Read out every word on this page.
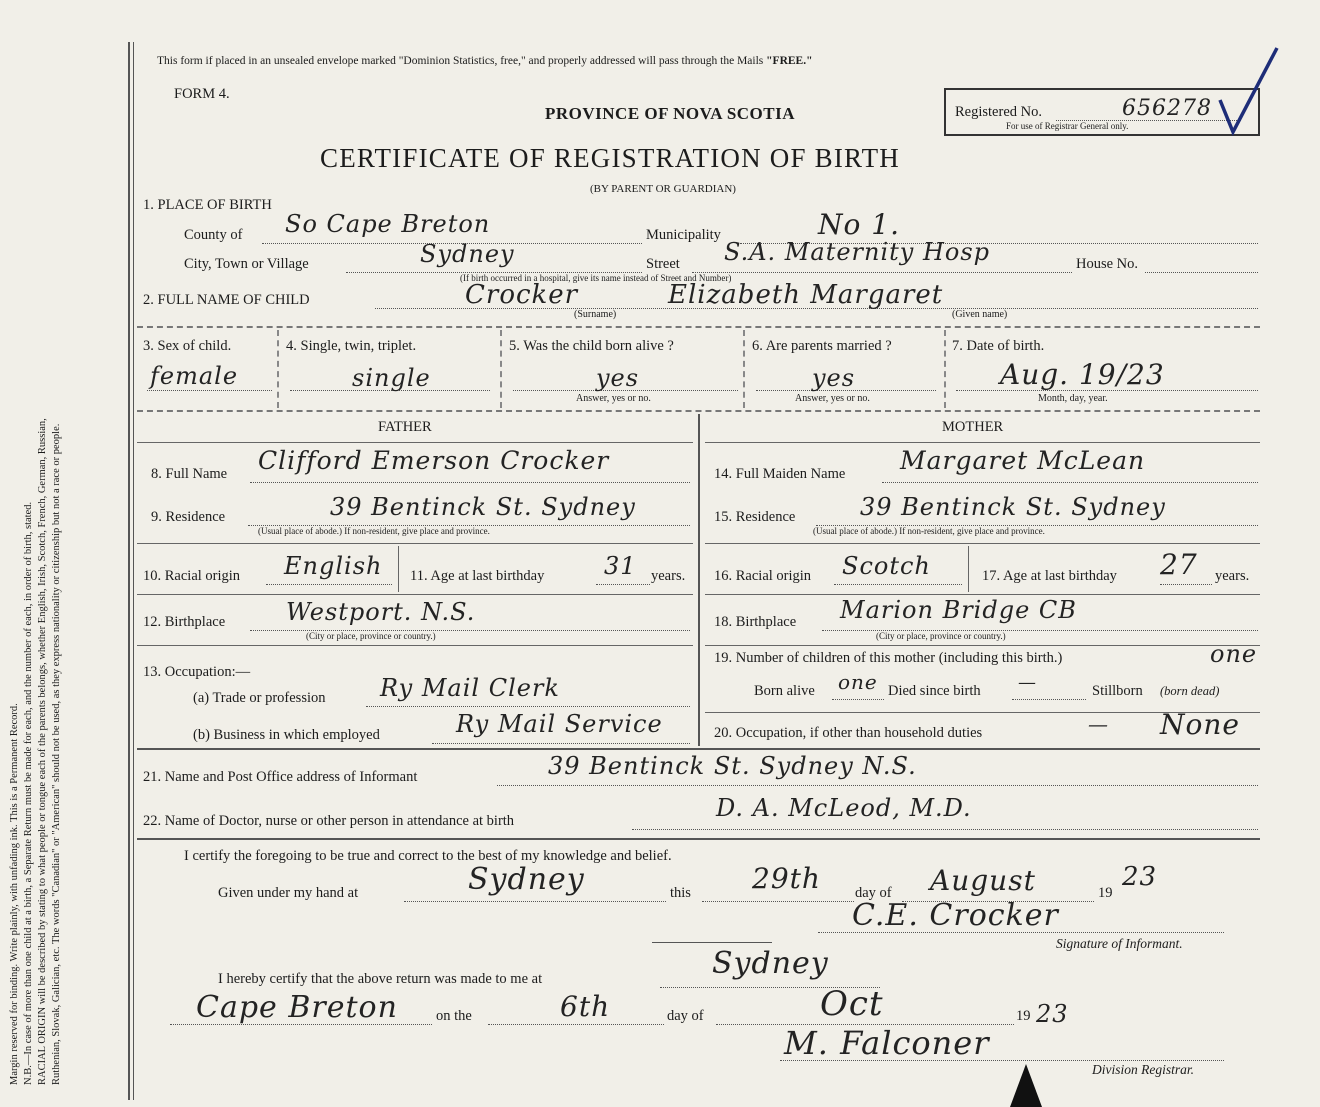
Margin reserved for binding. Write plainly, with unfading ink. This is a Permanent Record. N.B.—In case of more than one child at a birth, a Separate Return must be made for each, and the number of each, in order of birth, stated. RACIAL ORIGIN will be described by stating to what people or tongue each of the parents belongs, whether English, Irish, Scotch, French, German, Russian, Ruthenian, Slovak, Galician, etc. The words "Canadian" or "American" should not be used, as they express nationality or citizenship but not a race or people.
This form if placed in an unsealed envelope marked "Dominion Statistics, free," and properly addressed will pass through the Mails "FREE."
FORM 4.
PROVINCE OF NOVA SCOTIA
CERTIFICATE OF REGISTRATION OF BIRTH
(BY PARENT OR GUARDIAN)
Registered No.	656278
For use of Registrar General only.
1. PLACE OF BIRTH
County of So Cape Breton	Municipality	No 1.
City, Town or Village	Sydney	Street S.A. Maternity Hosp	House No.
(If birth occurred in a hospital, give its name instead of Street and Number)
2. FULL NAME OF CHILD	Crocker	Elizabeth Margaret
(Surname)	(Given name)
3. Sex of child.
female
4. Single, twin, triplet.
single
5. Was the child born alive ?
yes
Answer, yes or no.
6. Are parents married ?
yes
Answer, yes or no.
7. Date of birth.
Aug. 19/23
Month, day, year.
FATHER	MOTHER
8. Full Name Clifford Emerson Crocker
9. Residence	39 Bentinck St. Sydney
(Usual place of abode.) If non-resident, give place and province.
10. Racial origin English 11. Age at last birthday 31 years.
12. Birthplace	Westport. N.S.
(City or place, province or country.)
13. Occupation:—
(a) Trade or profession Ry Mail Clerk
(b) Business in which employed	Ry Mail Service
14. Full Maiden Name Margaret McLean
15. Residence	39 Bentinck St. Sydney
(Usual place of abode.) If non-resident, give place and province.
16. Racial origin Scotch	17. Age at last birthday 27 years.
18. Birthplace Marion Bridge CB
(City or place, province or country.)
19. Number of children of this mother (including this birth.)	one
Born alive one Died since birth —	Stillborn (born dead)
20. Occupation, if other than household duties	— None
21. Name and Post Office address of Informant	39 Bentinck St. Sydney N.S.
22. Name of Doctor, nurse or other person in attendance at birth	D. A. McLeod, M.D.
I certify the foregoing to be true and correct to the best of my knowledge and belief.
Given under my hand at	Sydney	this 29th day of August	19
23
C.E. Crocker
Signature of Informant.
I hereby certify that the above return was made to me at	Sydney
Cape Breton	on the	6th	day of	Oct	19 23
M. Falconer
Division Registrar.
